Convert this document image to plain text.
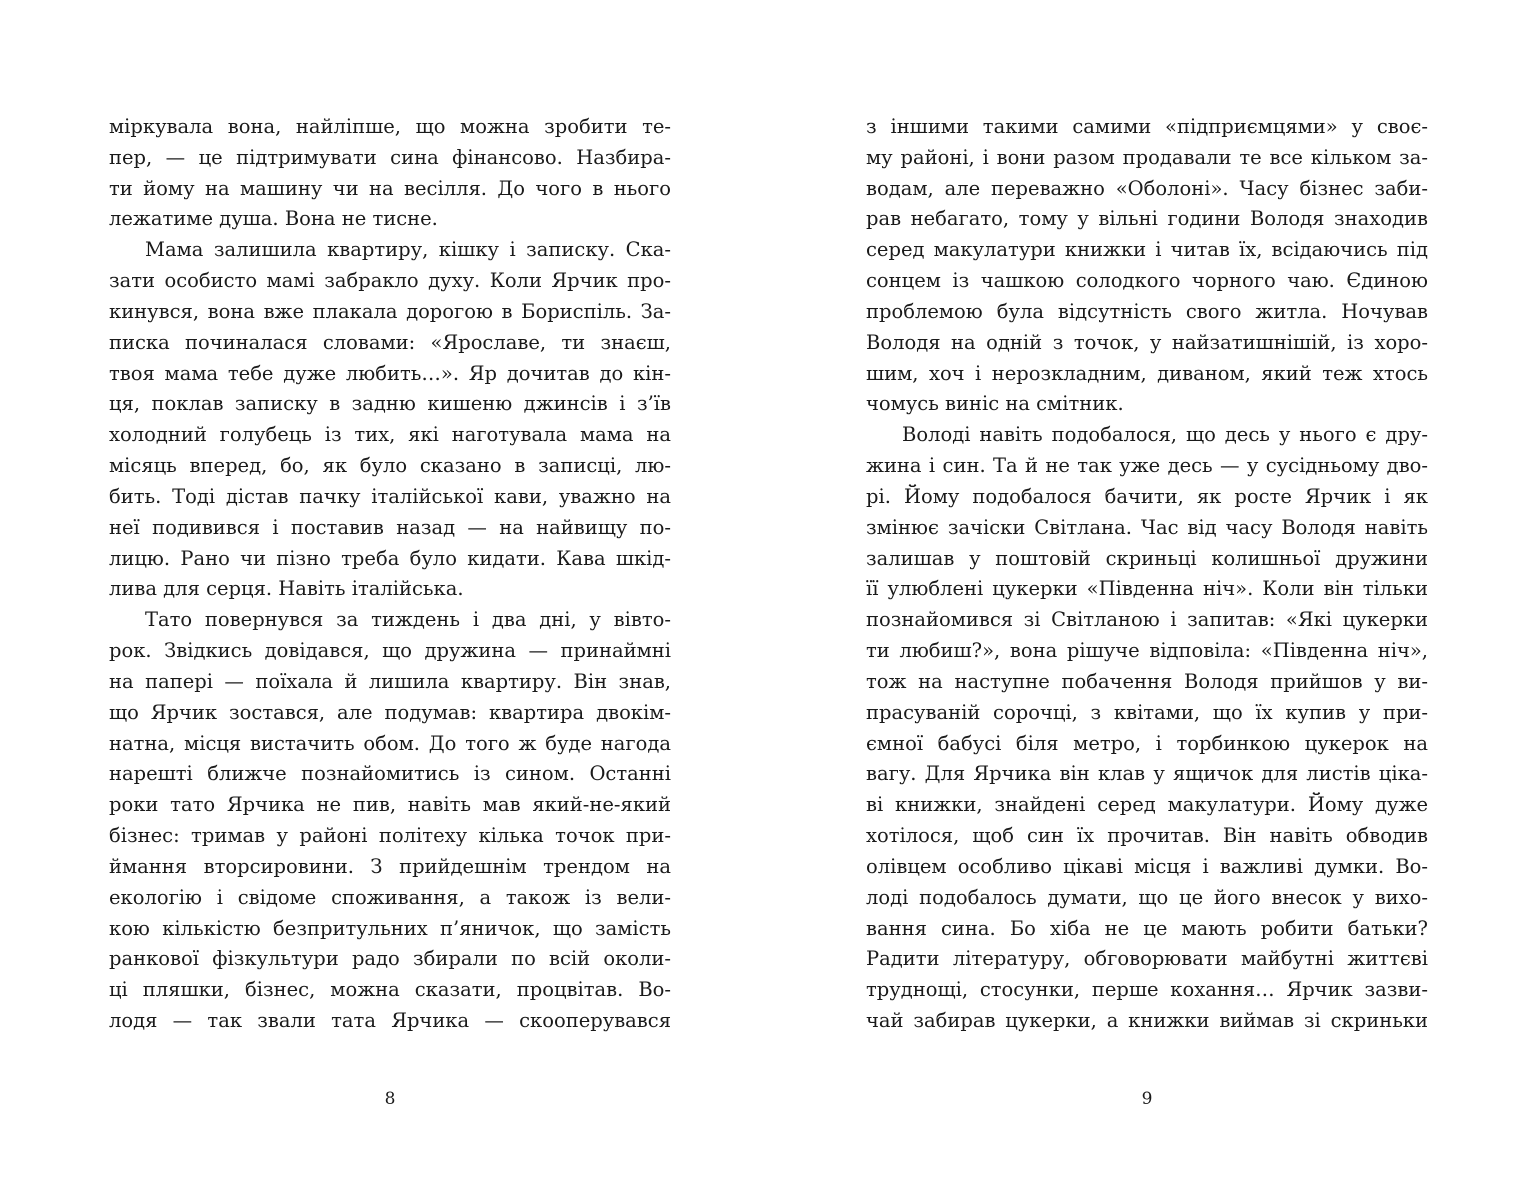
міркувала вона, найліпше, що можна зробити те-
пер, — це підтримувати сина фінансово. Назбира-
ти йому на машину чи на весілля. До чого в нього
лежатиме душа. Вона не тисне.
Мама залишила квартиру, кішку і записку. Ска-
зати особисто мамі забракло духу. Коли Ярчик про-
кинувся, вона вже плакала дорогою в Бориспіль. За-
писка починалася словами: «Ярославе, ти знаєш,
твоя мама тебе дуже любить…». Яр дочитав до кін-
ця, поклав записку в задню кишеню джинсів і з’їв
холодний голубець із тих, які наготувала мама на
місяць вперед, бо, як було сказано в записці, лю-
бить. Тоді дістав пачку італійської кави, уважно на
неї подивився і поставив назад — на найвищу по-
лицю. Рано чи пізно треба було кидати. Кава шкід-
лива для серця. Навіть італійська.
Тато повернувся за тиждень і два дні, у вівто-
рок. Звідкись довідався, що дружина — принаймні
на папері — поїхала й лишила квартиру. Він знав,
що Ярчик зостався, але подумав: квартира двокім-
натна, місця вистачить обом. До того ж буде нагода
нарешті ближче познайомитись із сином. Останні
роки тато Ярчика не пив, навіть мав який-не-який
бізнес: тримав у районі політеху кілька точок при-
ймання вторсировини. З прийдешнім трендом на
екологію і свідоме споживання, а також із вели-
кою кількістю безпритульних п’яничок, що замість
ранкової фізкультури радо збирали по всій околи-
ці пляшки, бізнес, можна сказати, процвітав. Во-
лодя — так звали тата Ярчика — скооперувався
з іншими такими самими «підприємцями» у своє-
му районі, і вони разом продавали те все кільком за-
водам, але переважно «Оболоні». Часу бізнес заби-
рав небагато, тому у вільні години Володя знаходив
серед макулатури книжки і читав їх, всідаючись під
сонцем із чашкою солодкого чорного чаю. Єдиною
проблемою була відсутність свого житла. Ночував
Володя на одній з точок, у найзатишнішій, із хоро-
шим, хоч і нерозкладним, диваном, який теж хтось
чомусь виніс на смітник.
Володі навіть подобалося, що десь у нього є дру-
жина і син. Та й не так уже десь — у сусідньому дво-
рі. Йому подобалося бачити, як росте Ярчик і як
змінює зачіски Світлана. Час від часу Володя навіть
залишав у поштовій скриньці колишньої дружини
її улюблені цукерки «Південна ніч». Коли він тільки
познайомився зі Світланою і запитав: «Які цукерки
ти любиш?», вона рішуче відповіла: «Південна ніч»,
тож на наступне побачення Володя прийшов у ви-
прасуваній сорочці, з квітами, що їх купив у при-
ємної бабусі біля метро, і торбинкою цукерок на
вагу. Для Ярчика він клав у ящичок для листів ціка-
ві книжки, знайдені серед макулатури. Йому дуже
хотілося, щоб син їх прочитав. Він навіть обводив
олівцем особливо цікаві місця і важливі думки. Во-
лоді подобалось думати, що це його внесок у вихо-
вання сина. Бо хіба не це мають робити батьки?
Радити літературу, обговорювати майбутні життєві
труднощі, стосунки, перше кохання… Ярчик зазви-
чай забирав цукерки, а книжки виймав зі скриньки
8	9
